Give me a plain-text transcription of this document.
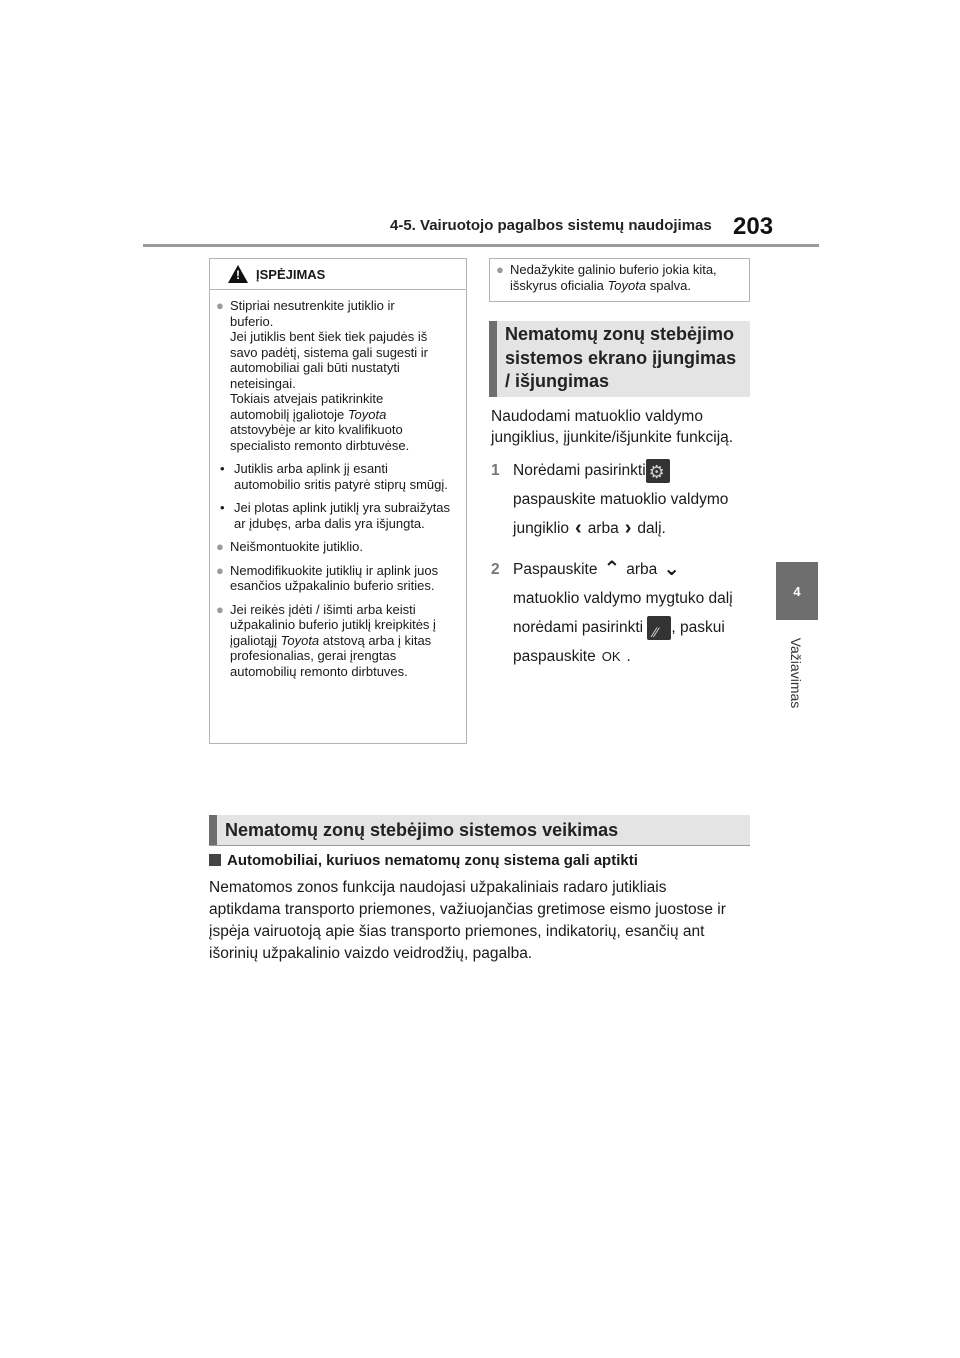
4-5. Vairuotojo pagalbos sistemų naudojimas 203
4
Važiavimas
!
ĮSPĖJIMAS
● Stipriai nesutrenkite jutiklio ir
buferio.
Jei jutiklis bent šiek tiek pajudės iš
savo padėtį, sistema gali sugesti ir
automobiliai gali būti nustatyti
neteisingai.
Tokiais atvejais patikrinkite
automobilį įgaliotoje Toyota
atstovybėje ar kito kvalifikuoto
specialisto remonto dirbtuvėse.
• Jutiklis arba aplink jį esanti automobilio sritis patyrė stiprų smūgį.
• Jei plotas aplink jutiklį yra subraižytas ar įdubęs, arba dalis yra išjungta.
● Neišmontuokite jutiklio.
● Nemodifikuokite jutiklių ir aplink juos esančios užpakalinio buferio srities.
● Jei reikės įdėti / išimti arba keisti užpakalinio buferio jutiklį kreipkitės į įgaliotąjį Toyota atstovą arba į kitas profesionalias, gerai įrengtas automobilių remonto dirbtuves.
● Nedažykite galinio buferio jokia kita, išskyrus oficialia Toyota spalva.
Nematomų zonų stebėjimo sistemos ekrano įjungimas / išjungimas
Naudodami matuoklio valdymo jungiklius, įjunkite/išjunkite funkciją.
1 Norėdami pasirinkti⚙
paspauskite matuoklio valdymo
jungiklio ‹ arba › dalį.
2 Paspauskite ⌃ arba ⌄
matuoklio valdymo mygtuko dalį
norėdami pasirinkti ⁄⁄ , paskui
paspauskite OK .
Nematomų zonų stebėjimo sistemos veikimas
Automobiliai, kuriuos nematomų zonų sistema gali aptikti
Nematomos zonos funkcija naudojasi užpakaliniais radaro jutikliais
aptikdama transporto priemones, važiuojančias gretimose eismo juostose ir
įspėja vairuotoją apie šias transporto priemones, indikatorių, esančių ant
išorinių užpakalinio vaizdo veidrodžių, pagalba.
